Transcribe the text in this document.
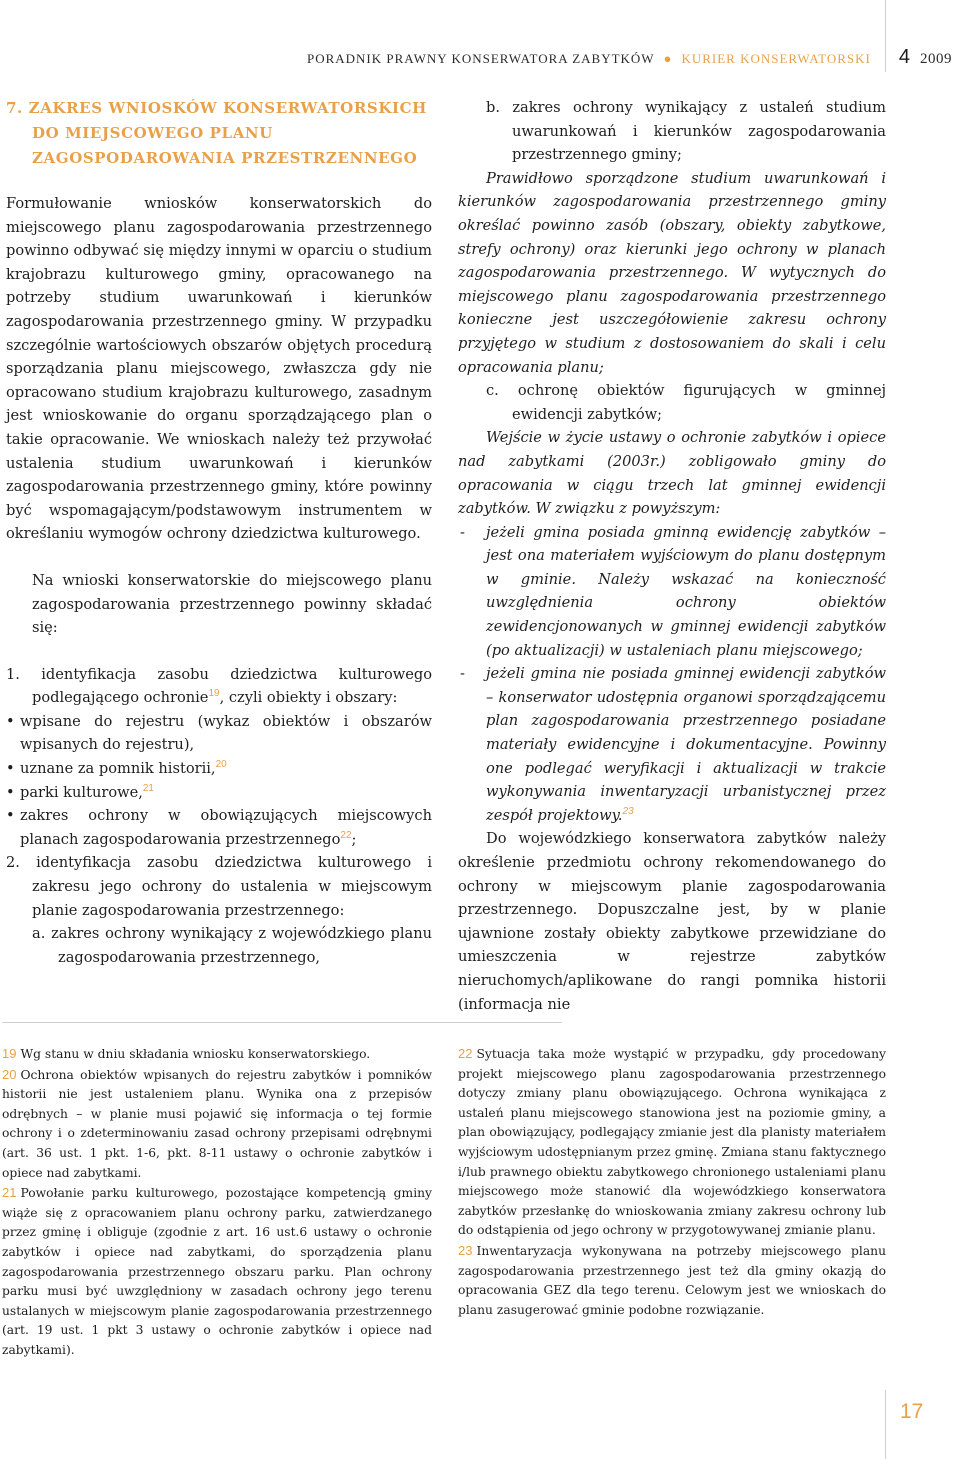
PORADNIK PRAWNY KONSERWATORA ZABYTKÓW ● KURIER KONSERWATORSKI 4 2009
7. ZAKRES WNIOSKÓW KONSERWATORSKICH
DO MIEJSCOWEGO PLANU
ZAGOSPODAROWANIA PRZESTRZENNEGO

Formułowanie wniosków konserwatorskich do miejscowego planu zagospodarowania przestrzennego powinno odbywać się między innymi w oparciu o studium krajobrazu kulturowego gminy, opracowanego na potrzeby studium uwarunkowań i kierunków zagospodarowania przestrzennego gminy. W przypadku szczególnie wartościowych obszarów objętych procedurą sporządzania planu miejscowego, zwłaszcza gdy nie opracowano studium krajobrazu kulturowego, zasadnym jest wnioskowanie do organu sporządzającego plan o takie opracowanie. We wnioskach należy też przywołać ustalenia studium uwarunkowań i kierunków zagospodarowania przestrzennego gminy, które powinny być wspomagającym/podstawowym instrumentem w określaniu wymogów ochrony dziedzictwa kulturowego.

Na wnioski konserwatorskie do miejscowego planu zagospodarowania przestrzennego powinny składać się:

1. identyfikacja zasobu dziedzictwa kulturowego podlegającego ochronie$^{19}$, czyli obiekty i obszary:

• wpisane do rejestru (wykaz obiektów i obszarów wpisanych do rejestru),

• uznane za pomnik historii,$^{20}$

• parki kulturowe,$^{21}$

• zakres ochrony w obowiązujących miejscowych planach zagospodarowania przestrzennego$^{22}$;

2. identyfikacja zasobu dziedzictwa kulturowego i zakresu jego ochrony do ustalenia w miejscowym planie zagospodarowania przestrzennego:

a. zakres ochrony wynikający z wojewódzkiego planu zagospodarowania przestrzennego,

b. zakres ochrony wynikający z ustaleń studium uwarunkowań i kierunków zagospodarowania przestrzennego gminy;

Prawidłowo sporządzone studium uwarunkowań i kierunków zagospodarowania przestrzennego gminy określać powinno zasób (obszary, obiekty zabytkowe, strefy ochrony) oraz kierunki jego ochrony w planach zagospodarowania przestrzennego. W wytycznych do miejscowego planu zagospodarowania przestrzennego konieczne jest uszczegółowienie zakresu ochrony przyjętego w studium z dostosowaniem do skali i celu opracowania planu;

c. ochronę obiektów figurujących w gminnej ewidencji zabytków;

Wejście w życie ustawy o ochronie zabytków i opiece nad zabytkami (2003r.) zobligowało gminy do opracowania w ciągu trzech lat gminnej ewidencji zabytków. W związku z powyższym:

- jeżeli gmina posiada gminną ewidencję zabytków – jest ona materiałem wyjściowym do planu dostępnym w gminie. Należy wskazać na konieczność uwzględnienia ochrony obiektów zewidencjonowanych w gminnej ewidencji zabytków (po aktualizacji) w ustaleniach planu miejscowego;

- jeżeli gmina nie posiada gminnej ewidencji zabytków – konserwator udostępnia organowi sporządzającemu plan zagospodarowania przestrzennego posiadane materiały ewidencyjne i dokumentacyjne. Powinny one podlegać weryfikacji i aktualizacji w trakcie wykonywania inwentaryzacji urbanistycznej przez zespół projektowy.$^{23}$

Do wojewódzkiego konserwatora zabytków należy określenie przedmiotu ochrony rekomendowanego do ochrony w miejscowym planie zagospodarowania przestrzennego. Dopuszczalne jest, by w planie ujawnione zostały obiekty zabytkowe przewidziane do umieszczenia w rejestrze zabytków nieruchomych/aplikowane do rangi pomnika historii (informacja nie

19 Wg stanu w dniu składania wniosku konserwatorskiego.

20 Ochrona obiektów wpisanych do rejestru zabytków i pomników historii nie jest ustaleniem planu. Wynika ona z przepisów odrębnych – w planie musi pojawić się informacja o tej formie ochrony i o zdeterminowaniu zasad ochrony przepisami odrębnymi (art. 36 ust. 1 pkt. 1-6, pkt. 8-11 ustawy o ochronie zabytków i opiece nad zabytkami.

21 Powołanie parku kulturowego, pozostające kompetencją gminy wiąże się z opracowaniem planu ochrony parku, zatwierdzanego przez gminę i obliguje (zgodnie z art. 16 ust.6 ustawy o ochronie zabytków i opiece nad zabytkami, do sporządzenia planu zagospodarowania przestrzennego obszaru parku. Plan ochrony parku musi być uwzględniony w zasadach ochrony jego terenu ustalanych w miejscowym planie zagospodarowania przestrzennego (art. 19 ust. 1 pkt 3 ustawy o ochronie zabytków i opiece nad zabytkami).

22 Sytuacja taka może wystąpić w przypadku, gdy procedowany projekt miejscowego planu zagospodarowania przestrzennego dotyczy zmiany planu obowiązującego. Ochrona wynikająca z ustaleń planu miejscowego stanowiona jest na poziomie gminy, a plan obowiązujący, podlegający zmianie jest dla planisty materiałem wyjściowym udostępnianym przez gminę. Zmiana stanu faktycznego i/lub prawnego obiektu zabytkowego chronionego ustaleniami planu miejscowego może stanowić dla wojewódzkiego konserwatora zabytków przesłankę do wnioskowania zmiany zakresu ochrony lub do odstąpienia od jego ochrony w przygotowywanej zmianie planu.

23 Inwentaryzacja wykonywana na potrzeby miejscowego planu zagospodarowania przestrzennego jest też dla gminy okazją do opracowania GEZ dla tego terenu. Celowym jest we wnioskach do planu zasugerować gminie podobne rozwiązanie.

17
